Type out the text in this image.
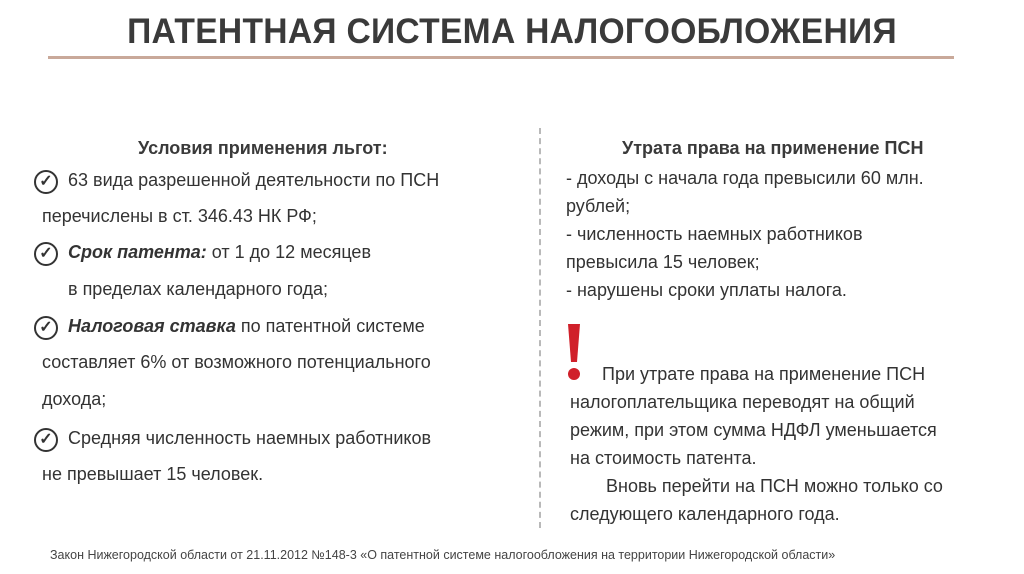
ПАТЕНТНАЯ СИСТЕМА НАЛОГООБЛОЖЕНИЯ
Условия применения льгот:
✓ 63 вида разрешенной деятельности по ПСН
перечислены в ст. 346.43 НК РФ;
✓ Срок патента: от 1 до 12 месяцев
в пределах календарного года;
✓ Налоговая ставка по патентной системе
составляет 6% от возможного потенциального
дохода;
✓ Средняя численность наемных работников
не превышает 15 человек.
Утрата права на применение ПСН
- доходы с начала года превысили 60 млн.
рублей;
- численность наемных работников
превысила 15 человек;
- нарушены сроки уплаты налога.
При утрате права на применение ПСН
налогоплательщика переводят на общий
режим, при этом сумма НДФЛ уменьшается
на стоимость патента.
Вновь перейти на ПСН можно только со
следующего календарного года.
Закон Нижегородской области от 21.11.2012 №148-3 «О патентной системе налогообложения на территории Нижегородской области»
